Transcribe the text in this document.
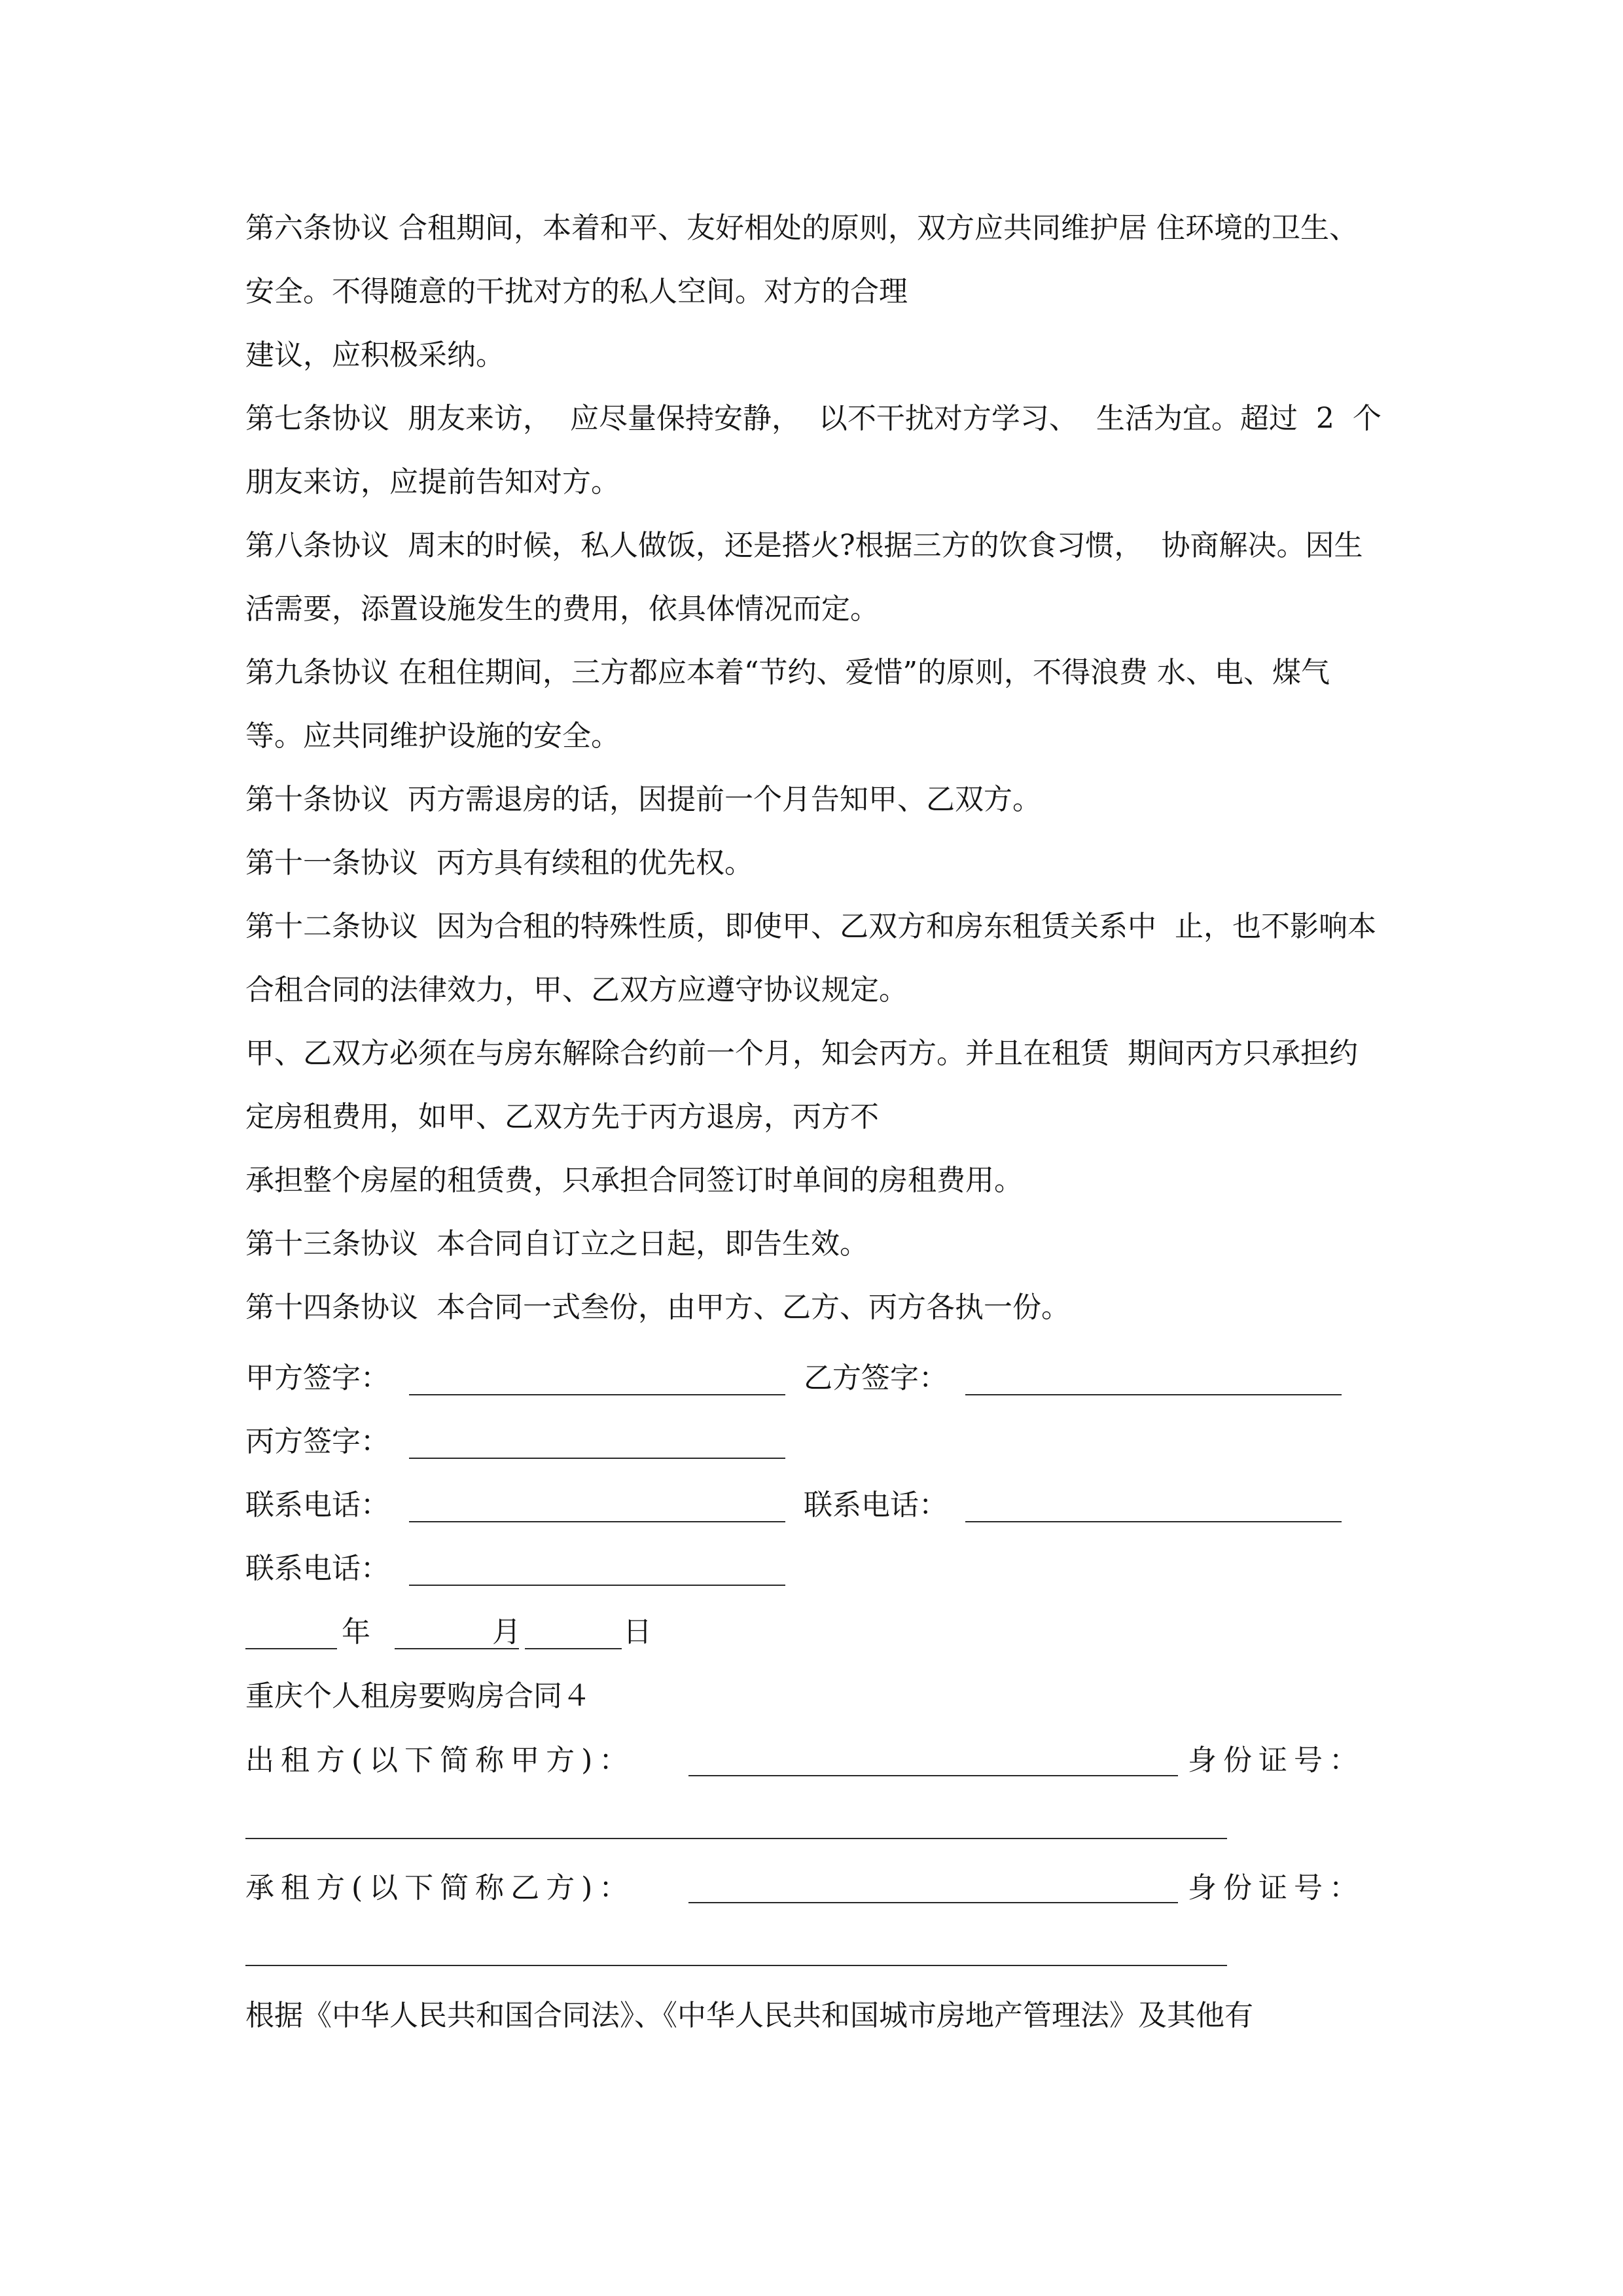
第六条协议 合租期间，本着和平、友好相处的原则，双方应共同维护居 住环境的卫生、安全。不得随意的干扰对方的私人空间。对方的合理
建议，应积极采纳。
第七条协议  朋友来访，  应尽量保持安静，  以不干扰对方学习、  生活为宜。超过  2  个朋友来访，应提前告知对方。
第八条协议  周末的时候，私人做饭，还是搭火?根据三方的饮食习惯，  协商解决。因生活需要，添置设施发生的费用，依具体情况而定。
第九条协议 在租住期间，三方都应本着“节约、爱惜”的原则，不得浪费 水、电、煤气等。应共同维护设施的安全。
第十条协议  丙方需退房的话，因提前一个月告知甲、乙双方。
第十一条协议  丙方具有续租的优先权。
第十二条协议  因为合租的特殊性质，即使甲、乙双方和房东租赁关系中  止，也不影响本合租合同的法律效力，甲、乙双方应遵守协议规定。
甲、乙双方必须在与房东解除合约前一个月，知会丙方。并且在租赁  期间丙方只承担约定房租费用，如甲、乙双方先于丙方退房，丙方不
承担整个房屋的租赁费，只承担合同签订时单间的房租费用。
第十三条协议  本合同自订立之日起，即告生效。
第十四条协议  本合同一式叁份，由甲方、乙方、丙方各执一份。
甲方签字：	乙方签字：
丙方签字：
联系电话：	联系电话：
联系电话：
年	月	日
重庆个人租房要购房合同４
出租方(以下简称甲方)：	身份证号：
承租方(以下简称乙方)：	身份证号：
根据《中华人民共和国合同法》、《中华人民共和国城市房地产管理法》及其他有
